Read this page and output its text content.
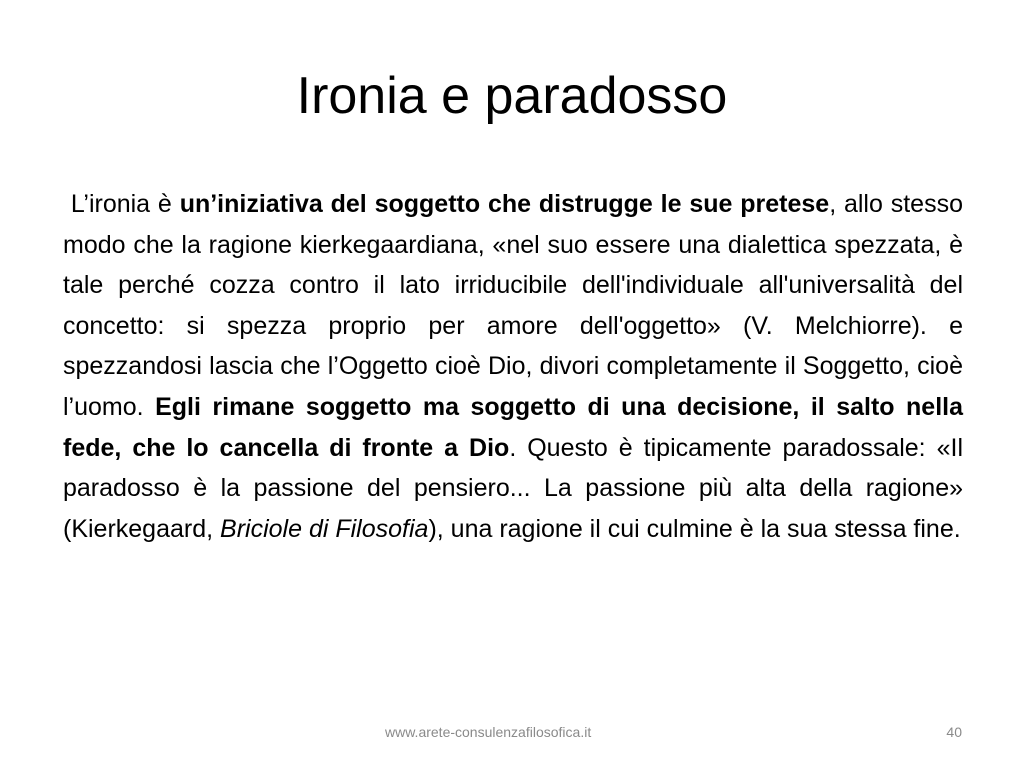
Ironia e paradosso

L’ironia è un’iniziativa del soggetto che distrugge le sue pretese, allo stesso modo che la ragione kierkegaardiana, «nel suo essere una dialettica spezzata, è tale perché cozza contro il lato irriducibile dell'individuale all'universalità del concetto: si spezza proprio per amore dell'oggetto» (V. Melchiorre). e spezzandosi lascia che l’Oggetto cioè Dio, divori completamente il Soggetto, cioè l’uomo. Egli rimane soggetto ma soggetto di una decisione, il salto nella fede, che lo cancella di fronte a Dio. Questo è tipicamente paradossale: «Il paradosso è la passione del pensiero... La passione più alta della ragione» (Kierkegaard, Briciole di Filosofia), una ragione il cui culmine è la sua stessa fine.

www.arete-consulenzafilosofica.it	40
